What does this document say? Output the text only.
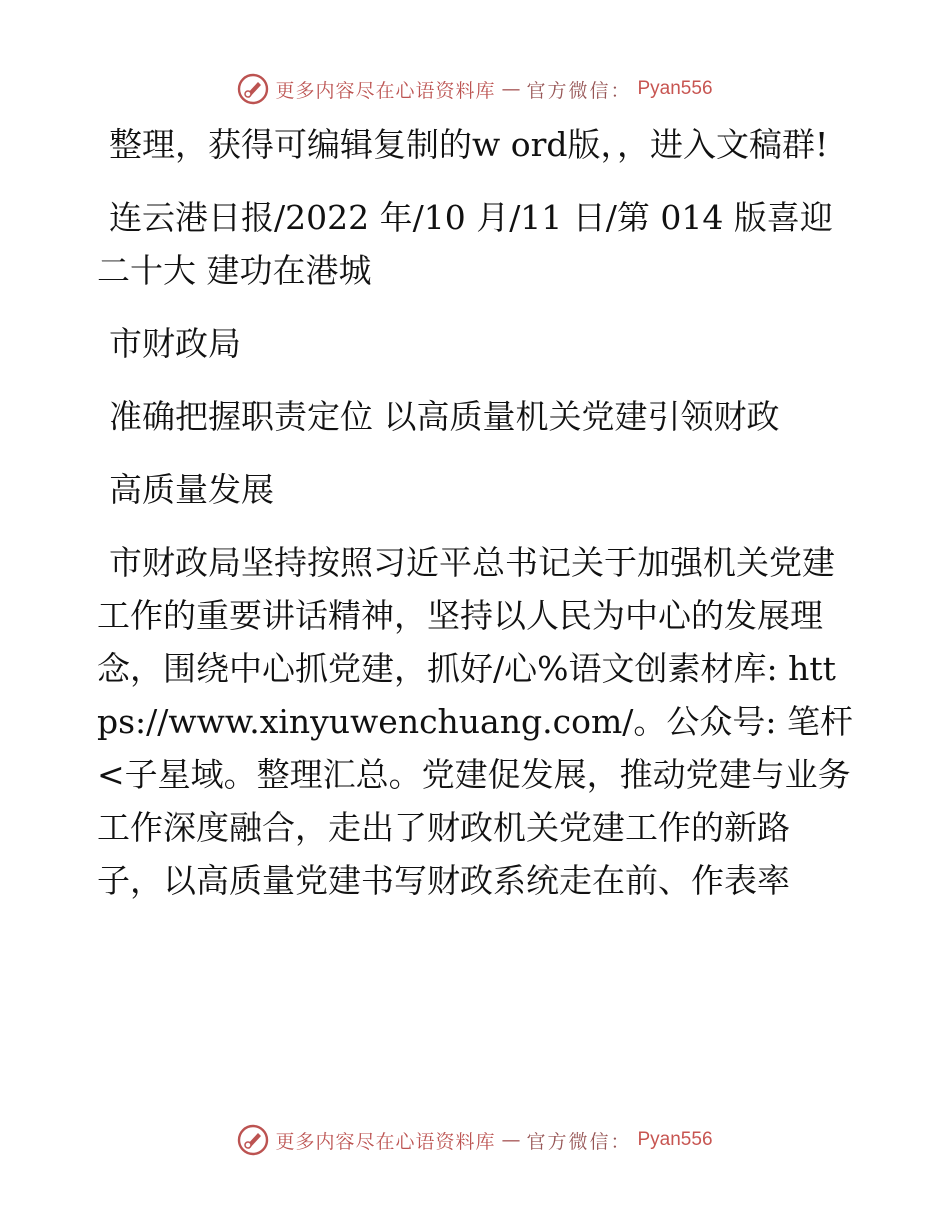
更多内容尽在心语资料库 — 官方微信： Pyan556

整理，获得可编辑复制的w ord版，，进入文稿群!

连云港日报/2022 年/10 月/11 日/第 014 版喜迎二十大 建功在港城

市财政局

准确把握职责定位 以高质量机关党建引领财政

高质量发展

市财政局坚持按照习近平总书记关于加强机关党建工作的重要讲话精神，坚持以人民为中心的发展理念，围绕中心抓党建，抓好/心%语文创素材库: https://www.xinyuwenchuang.com/。公众号: 笔杆<子星域。整理汇总。党建促发展，推动党建与业务工作深度融合，走出了财政机关党建工作的新路子，以高质量党建书写财政系统走在前、作表率

更多内容尽在心语资料库 — 官方微信： Pyan556
